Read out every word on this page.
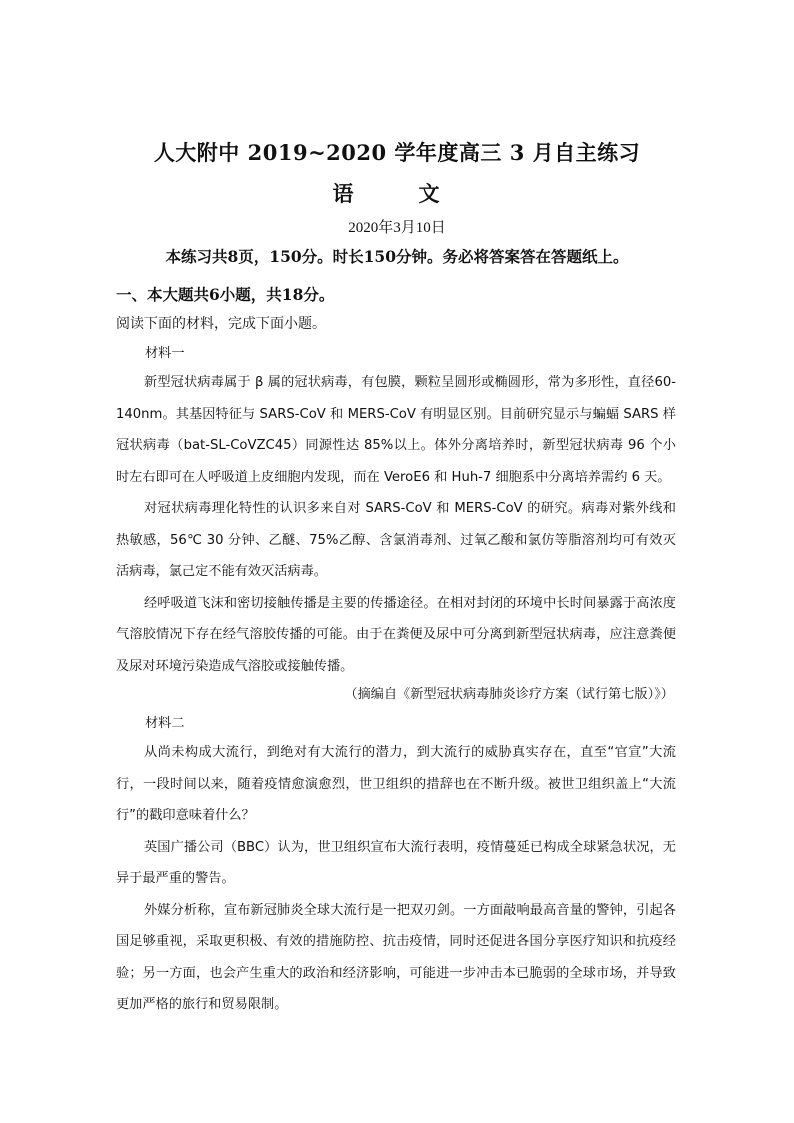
人大附中 2019~2020 学年度高三 3 月自主练习
语　文
2020年3月10日
本练习共8页，150分。时长150分钟。务必将答案答在答题纸上。
一、本大题共6小题，共18分。
阅读下面的材料，完成下面小题。
材料一

新型冠状病毒属于 β 属的冠状病毒，有包膜，颗粒呈圆形或椭圆形，常为多形性，直径60-140nm。其基因特征与 SARS-CoV 和 MERS-CoV 有明显区别。目前研究显示与蝙蝠 SARS 样冠状病毒（bat-SL-CoVZC45）同源性达 85%以上。体外分离培养时，新型冠状病毒 96 个小时左右即可在人呼吸道上皮细胞内发现，而在 VeroE6 和 Huh-7 细胞系中分离培养需约 6 天。

对冠状病毒理化特性的认识多来自对 SARS-CoV 和 MERS-CoV 的研究。病毒对紫外线和热敏感，56℃ 30 分钟、乙醚、75%乙醇、含氯消毒剂、过氧乙酸和氯仿等脂溶剂均可有效灭活病毒，氯己定不能有效灭活病毒。

经呼吸道飞沫和密切接触传播是主要的传播途径。在相对封闭的环境中长时间暴露于高浓度气溶胶情况下存在经气溶胶传播的可能。由于在粪便及尿中可分离到新型冠状病毒，应注意粪便及尿对环境污染造成气溶胶或接触传播。

（摘编自《新型冠状病毒肺炎诊疗方案（试行第七版）》）
材料二

从尚未构成大流行，到绝对有大流行的潜力，到大流行的威胁真实存在，直至“官宣”大流行，一段时间以来，随着疫情愈演愈烈，世卫组织的措辞也在不断升级。被世卫组织盖上“大流行”的戳印意味着什么？

英国广播公司（BBC）认为，世卫组织宣布大流行表明，疫情蔓延已构成全球紧急状况，无异于最严重的警告。

外媒分析称，宣布新冠肺炎全球大流行是一把双刃剑。一方面敲响最高音量的警钟，引起各国足够重视，采取更积极、有效的措施防控、抗击疫情，同时还促进各国分享医疗知识和抗疫经验；另一方面，也会产生重大的政治和经济影响，可能进一步冲击本已脆弱的全球市场，并导致更加严格的旅行和贸易限制。
